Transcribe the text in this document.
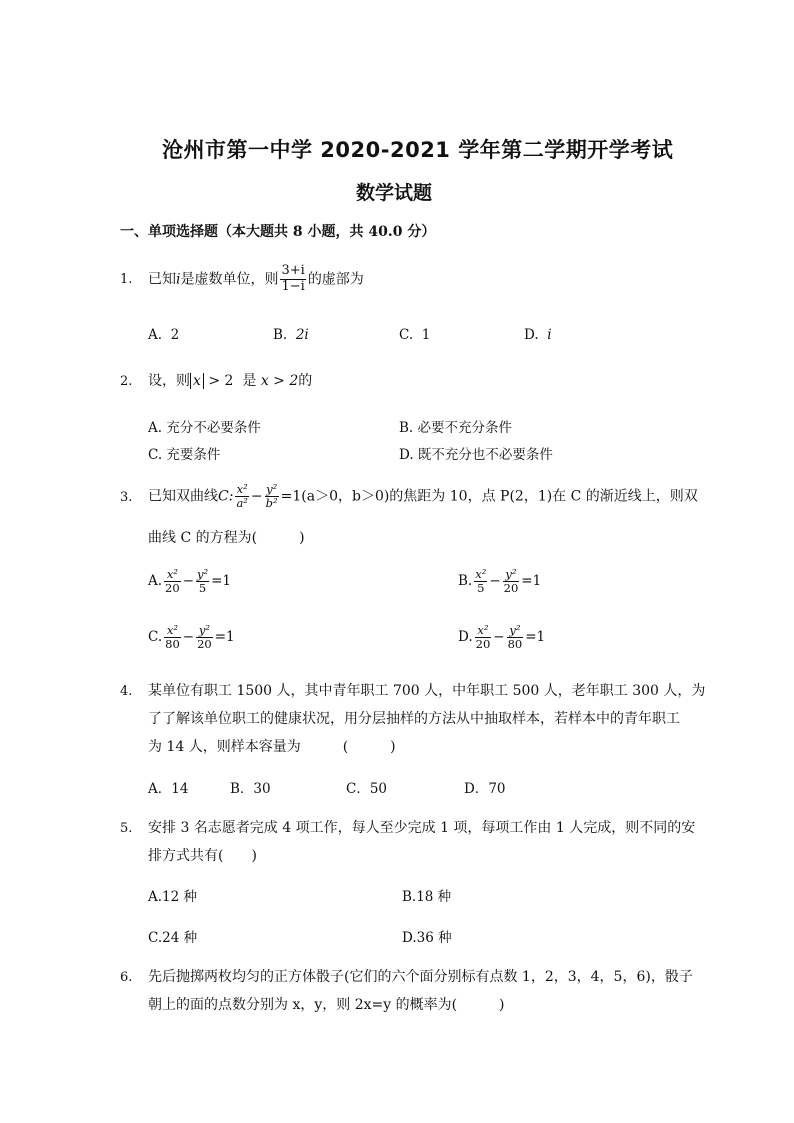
沧州市第一中学 2020-2021 学年第二学期开学考试
数学试题
一、单项选择题（本大题共 8 小题，共 40.0 分）
1. 已知i是虚数单位，则 $\frac{3+i}{1-i}$ 的虚部为
A. 2	B. 2i	C. 1	D. i
2. 设，则 x > 2 是 x > 2的
A. 充分不必要条件	B. 必要不充分条件
C. 充要条件	D. 既不充分也不必要条件
3. 已知双曲线C: $\frac{\text{x²}}{\text{a²}} - \frac{\text{y²}}{\text{b²}} =1(a>0$，b＞0)的焦距为 10，点 P(2，1)在 C 的渐近线上，则双
曲线 C 的方程为(　　　)
A. $\frac{\text{x²}}{20} - \frac{\text{y²}}{5} =1$	B. $\frac{\text{x²}}{5} - \frac{\text{y²}}{20} =1$
C. $\frac{\text{x²}}{80} - \frac{\text{y²}}{20} =1$	D. $\frac{\text{x²}}{20} - \frac{\text{y²}}{80} =1$
4. 某单位有职工 1500 人，其中青年职工 700 人，中年职工 500 人，老年职工 300 人，为
了了解该单位职工的健康状况，用分层抽样的方法从中抽取样本，若样本中的青年职工
为 14 人，则样本容量为　　　(　　　)
A．14	B．30	C．50	D．70
5. 安排 3 名志愿者完成 4 项工作，每人至少完成 1 项，每项工作由 1 人完成，则不同的安
排方式共有(　　)
A.12 种	B.18 种
C.24 种	D.36 种
6. 先后抛掷两枚均匀的正方体骰子(它们的六个面分别标有点数 1，2，3，4，5，6)，骰子
朝上的面的点数分别为 x，y，则 2x=y 的概率为(　　　)
